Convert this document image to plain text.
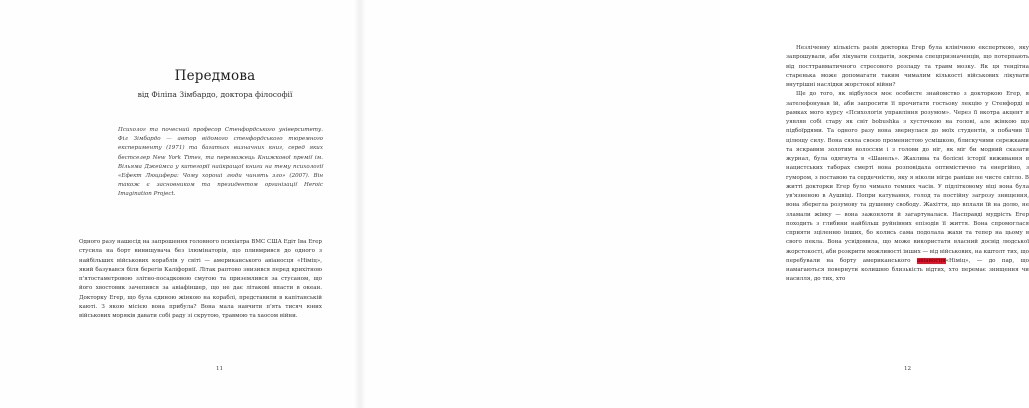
Передмова
від Філіпа Зімбардо, доктора філософії

Психолог та почесний професор Стенфордського університету. Філ Зімбардо — автор відомого стенфордського тюремного експерименту (1971) та багатьох визначних книг, серед яких бестселер New York Times, та переможець Книжкової премії ім. Вільяма Джеймса у категорії найкращої книги на тему психології «Ефект Люцифера: Чому хороші люди чинять зло» (2007). Він також є засновником та президентом організації Heroic Imagination Project.

Одного разу нашесід на запрошення головного психіатра ВМС США Едіт Іва Егер стусила на борт винищувача без ілюмінаторів, що пливмрився до одного з найбільших військових кораблів у світі — американського авіаносця «Німіц», який базувався біля берегів Каліфорнії. Літак раптово знизився перед крихітною п'ятостаметровою злітно-посадковою смугою та приземлився за стусаном, що його хвостовик зачепився за авіафіншер, що не дає літакові впасти в океан. Докторку Егер, що була єдиною жінкою на кораблі, представили в капітанській каюті. З якою місією вона прибула? Вона мала навчити п'ять тисяч юних військових моряків давати собі раду зі скрутою, травмою та хаосом війни.

11

Незліченну кількість разів докторка Егер була клінічною експерткою, яку запрошували, аби лікувати солдатів, зокрема спецпризначенців, що потерпають від посттравматичного стресового розладу та травм мозку. Як ця тендітна старенька може допомагати таким чималим кількості військових лікувати внутрішні наслідки жорстокої війни?

Ще до того, як відбулося моє особисте знайомство з докторкою Егер, я зателефонував їй, аби запросити її прочитати гостьову лекцію у Стенфорді в рамках мого курсу «Психологія управління розумом». Через її вкотра акцент я уявляв собі стару як світ bobushka з хусточкою на голові, але жінкою що підбоїрдями. Та одного разу вона звернулася до моїх студентів, я побачив її цілющу силу. Вона сяяла своєю променистою усмішкою, блискучими сережками та яскравим золотим волоссям і з голови до ніг, як міг би модний сказати журнал, була одягнута в «Шанель». Жахлива та болісні історії виживання в нацистських таборах смерті вона розповідала оптимістично та енергійно, з гумором, з поставою та сердечністю, яку я ніколи нігде раніше не чисте світло. В житті докторки Егер було чимало темних часів. У підлітковому віці вона була ув'язненою в Аушвіці. Попри катування, голод та постійну загрозу знищення, вона зберегла розумову та душевну свободу. Жахіття, що вплали їй на долю, не зламали жінку — вона зажонлоти й загартувалася. Насправді мудрість Егер походить з глибини найбільш руйнівних епізодів її життя. Вона спромоглася сприяти зціленню інших, бо колись сама подолала жахи та тепер на цьому в свого пекла. Вона усвідомила, що може використати власний досвід людської жорстокості, аби розкрити можливості інших — від військових, на кштолт тих, що перебували на борту американського авіаносця«Німіц», — до пар, що намагаються повернути колишню близькість відтих, хто перемає знищення чи насилля, до тих, хто

12
